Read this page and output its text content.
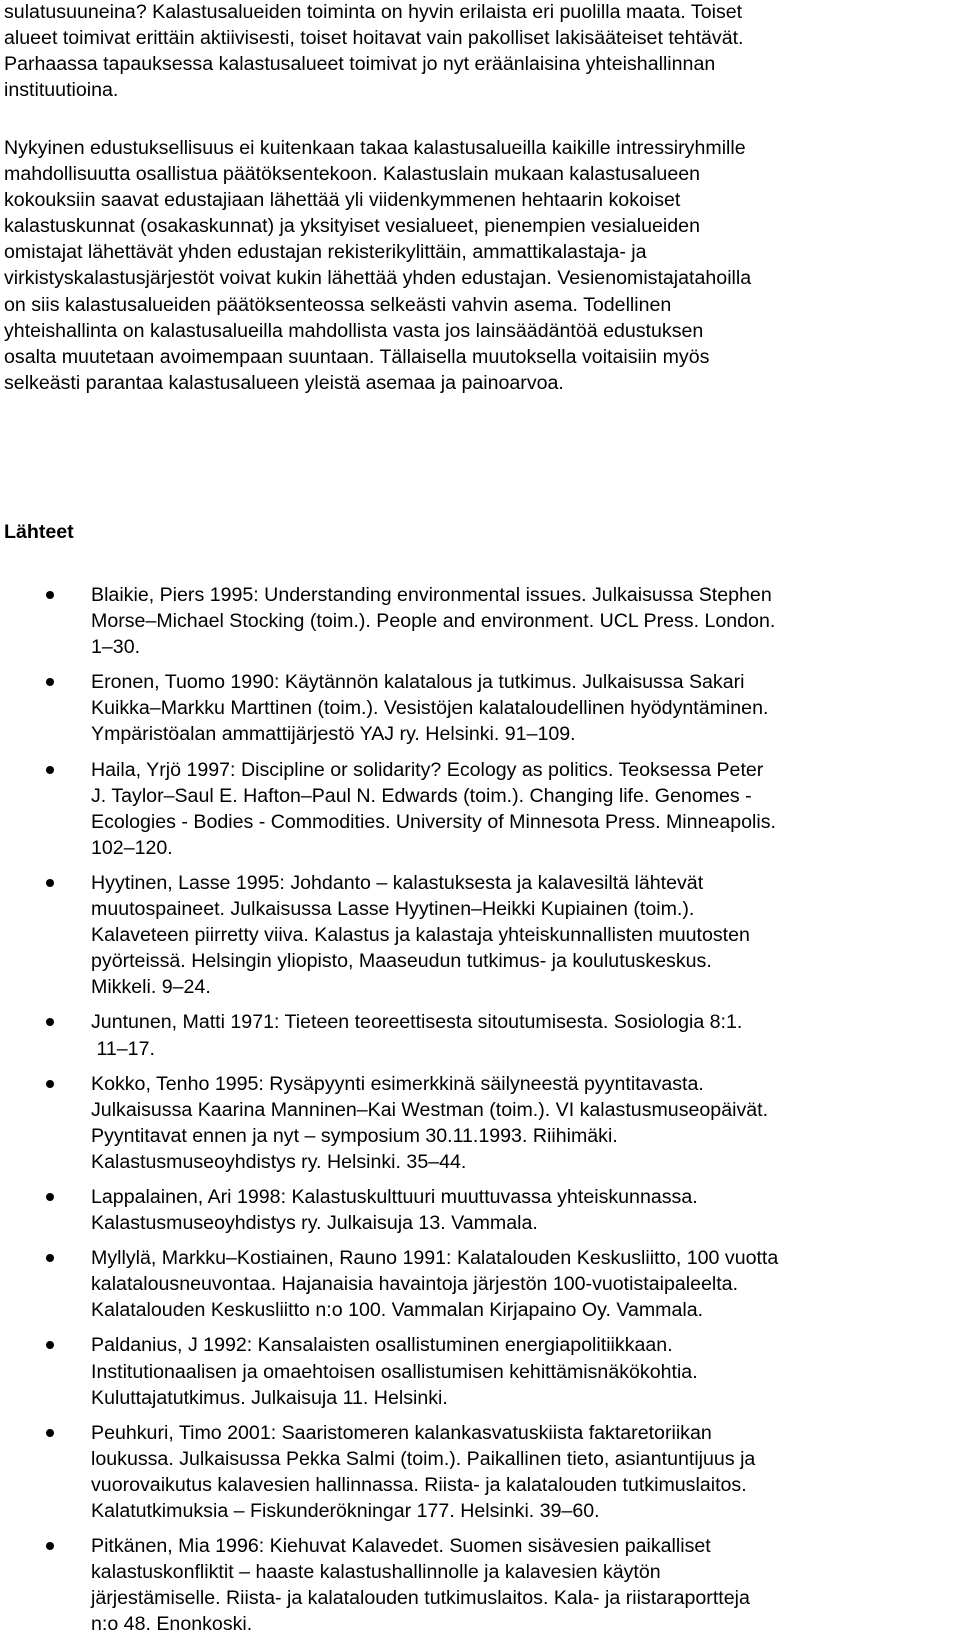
sulatusuuneina? Kalastusalueiden toiminta on hyvin erilaista eri puolilla maata. Toiset
alueet toimivat erittäin aktiivisesti, toiset hoitavat vain pakolliset lakisääteiset tehtävät.
Parhaassa tapauksessa kalastusalueet toimivat jo nyt eräänlaisina yhteishallinnan
instituutioina.
Nykyinen edustuksellisuus ei kuitenkaan takaa kalastusalueilla kaikille intressiryhmille
mahdollisuutta osallistua päätöksentekoon. Kalastuslain mukaan kalastusalueen
kokouksiin saavat edustajiaan lähettää yli viidenkymmenen hehtaarin kokoiset
kalastuskunnat (osakaskunnat) ja yksityiset vesialueet, pienempien vesialueiden
omistajat lähettävät yhden edustajan rekisterikylittäin, ammattikalastaja- ja
virkistyskalastusjärjestöt voivat kukin lähettää yhden edustajan. Vesienomistajatahoilla
on siis kalastusalueiden päätöksenteossa selkeästi vahvin asema. Todellinen
yhteishallinta on kalastusalueilla mahdollista vasta jos lainsäädäntöä edustuksen
osalta muutetaan avoimempaan suuntaan. Tällaisella muutoksella voitaisiin myös
selkeästi parantaa kalastusalueen yleistä asemaa ja painoarvoa.
Lähteet
Blaikie, Piers 1995: Understanding environmental issues. Julkaisussa Stephen
Morse–Michael Stocking (toim.). People and environment. UCL Press. London.
1–30.
Eronen, Tuomo 1990: Käytännön kalatalous ja tutkimus. Julkaisussa Sakari
Kuikka–Markku Marttinen (toim.). Vesistöjen kalataloudellinen hyödyntäminen.
Ympäristöalan ammattijärjestö YAJ ry. Helsinki. 91–109.
Haila, Yrjö 1997: Discipline or solidarity? Ecology as politics. Teoksessa Peter
J. Taylor–Saul E. Hafton–Paul N. Edwards (toim.). Changing life. Genomes -
Ecologies - Bodies - Commodities. University of Minnesota Press. Minneapolis.
102–120.
Hyytinen, Lasse 1995: Johdanto – kalastuksesta ja kalavesiltä lähtevät
muutospaineet. Julkaisussa Lasse Hyytinen–Heikki Kupiainen (toim.).
Kalaveteen piirretty viiva. Kalastus ja kalastaja yhteiskunnallisten muutosten
pyörteissä. Helsingin yliopisto, Maaseudun tutkimus- ja koulutuskeskus.
Mikkeli. 9–24.
Juntunen, Matti 1971: Tieteen teoreettisesta sitoutumisesta. Sosiologia 8:1.
11–17.
Kokko, Tenho 1995: Rysäpyynti esimerkkinä säilyneestä pyyntitavasta.
Julkaisussa Kaarina Manninen–Kai Westman (toim.). VI kalastusmuseopäivät.
Pyyntitavat ennen ja nyt – symposium 30.11.1993. Riihimäki.
Kalastusmuseoyhdistys ry. Helsinki. 35–44.
Lappalainen, Ari 1998: Kalastuskulttuuri muuttuvassa yhteiskunnassa.
Kalastusmuseoyhdistys ry. Julkaisuja 13. Vammala.
Myllylä, Markku–Kostiainen, Rauno 1991: Kalatalouden Keskusliitto, 100 vuotta
kalatalousneuvontaa. Hajanaisia havaintoja järjestön 100-vuotistaipaleelta.
Kalatalouden Keskusliitto n:o 100. Vammalan Kirjapaino Oy. Vammala.
Paldanius, J 1992: Kansalaisten osallistuminen energiapolitiikkaan.
Institutionaalisen ja omaehtoisen osallistumisen kehittämisnäkökohtia.
Kuluttajatutkimus. Julkaisuja 11. Helsinki.
Peuhkuri, Timo 2001: Saaristomeren kalankasvatuskiista faktaretoriikan
loukussa. Julkaisussa Pekka Salmi (toim.). Paikallinen tieto, asiantuntijuus ja
vuorovaikutus kalavesien hallinnassa. Riista- ja kalatalouden tutkimuslaitos.
Kalatutkimuksia – Fiskunderökningar 177. Helsinki. 39–60.
Pitkänen, Mia 1996: Kiehuvat Kalavedet. Suomen sisävesien paikalliset
kalastuskonfliktit – haaste kalastushallinnolle ja kalavesien käytön
järjestämiselle. Riista- ja kalatalouden tutkimuslaitos. Kala- ja riistaraportteja
n:o 48. Enonkoski.
